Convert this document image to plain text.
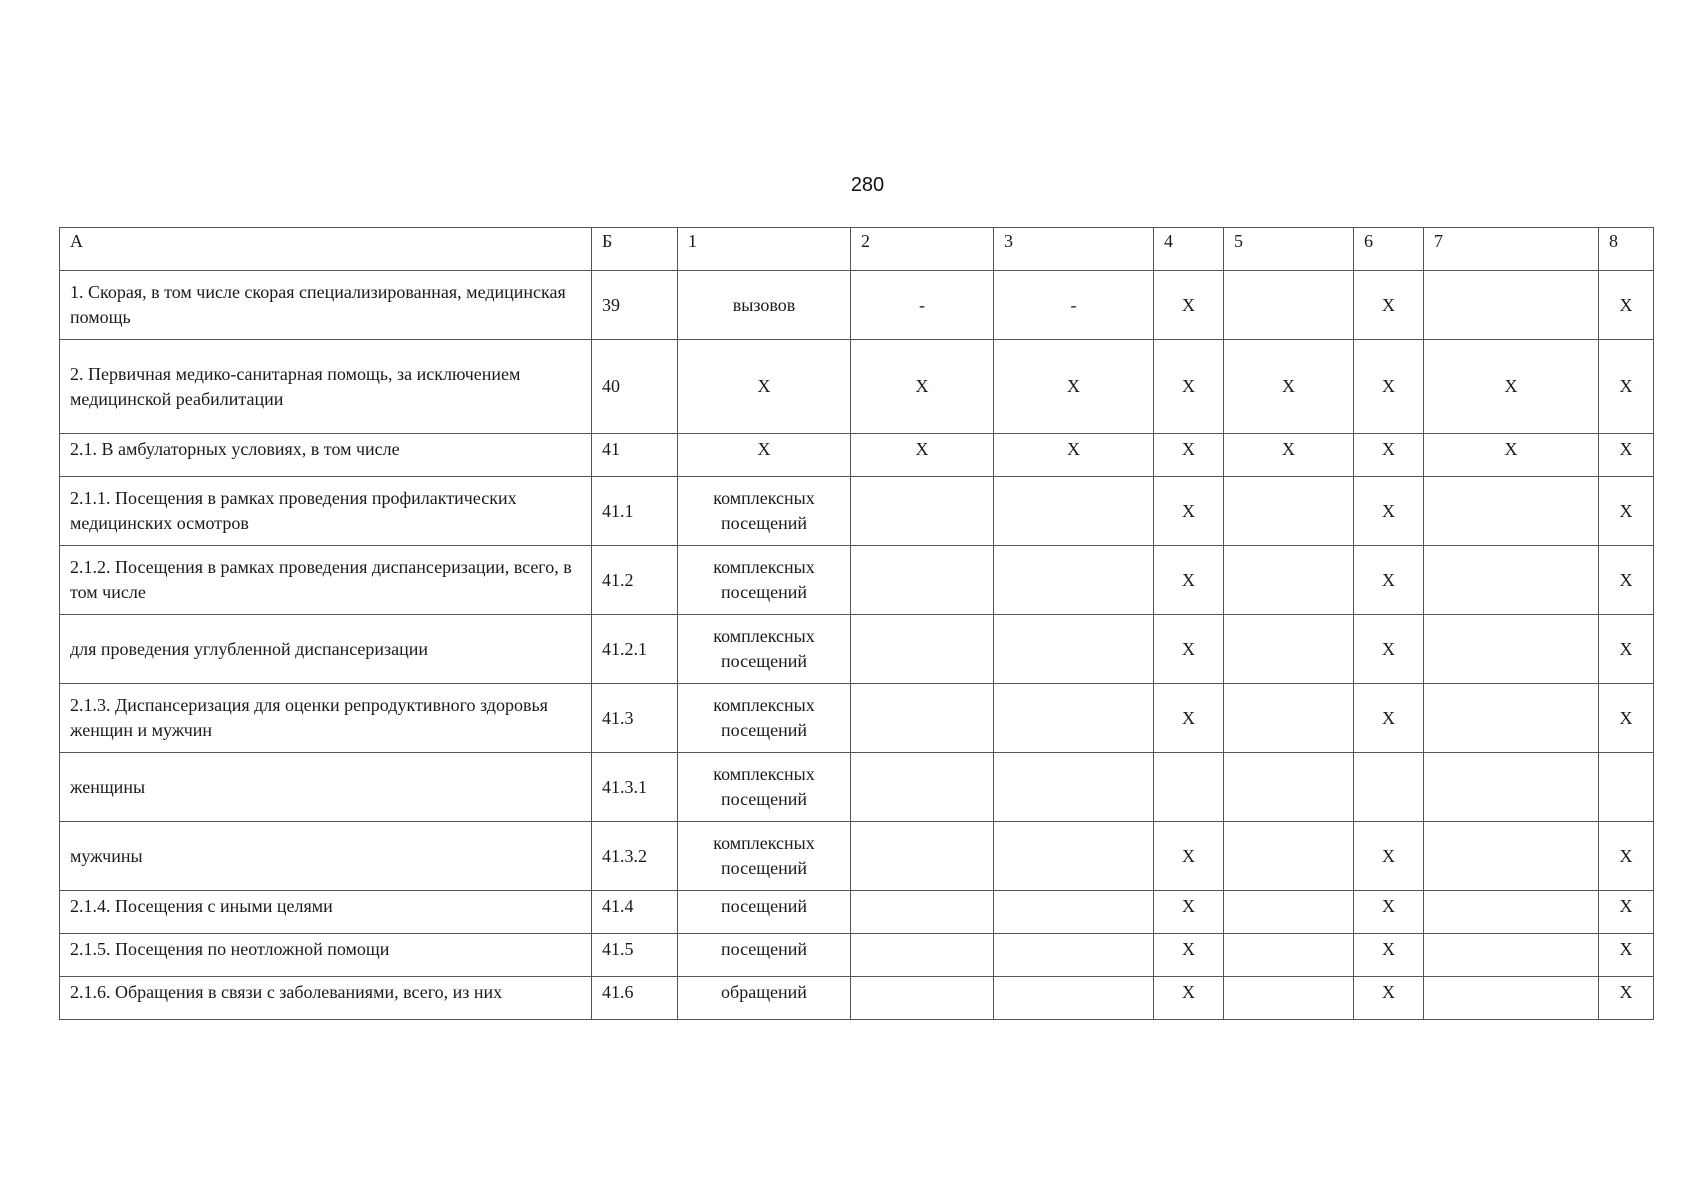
280
А	Б	1	2	3	4	5	6	7	8
1. Скорая, в том числе скорая специализированная, медицинская помощь	39	вызовов	-	-	X		X		X
2. Первичная медико-санитарная помощь, за исключением медицинской реабилитации	40	X	X	X	X	X	X	X	X
2.1. В амбулаторных условиях, в том числе	41	X	X	X	X	X	X	X	X
2.1.1. Посещения в рамках проведения профилактических медицинских осмотров	41.1	комплексных посещений			X		X		X
2.1.2. Посещения в рамках проведения диспансеризации, всего, в том числе	41.2	комплексных посещений			X		X		X
для проведения углубленной диспансеризации	41.2.1	комплексных посещений			X		X		X
2.1.3. Диспансеризация для оценки репродуктивного здоровья женщин и мужчин	41.3	комплексных посещений			X		X		X
женщины	41.3.1	комплексных посещений							
мужчины	41.3.2	комплексных посещений			X		X		X
2.1.4. Посещения с иными целями	41.4	посещений			X		X		X
2.1.5. Посещения по неотложной помощи	41.5	посещений			X		X		X
2.1.6. Обращения в связи с заболеваниями, всего, из них	41.6	обращений			X		X		X
